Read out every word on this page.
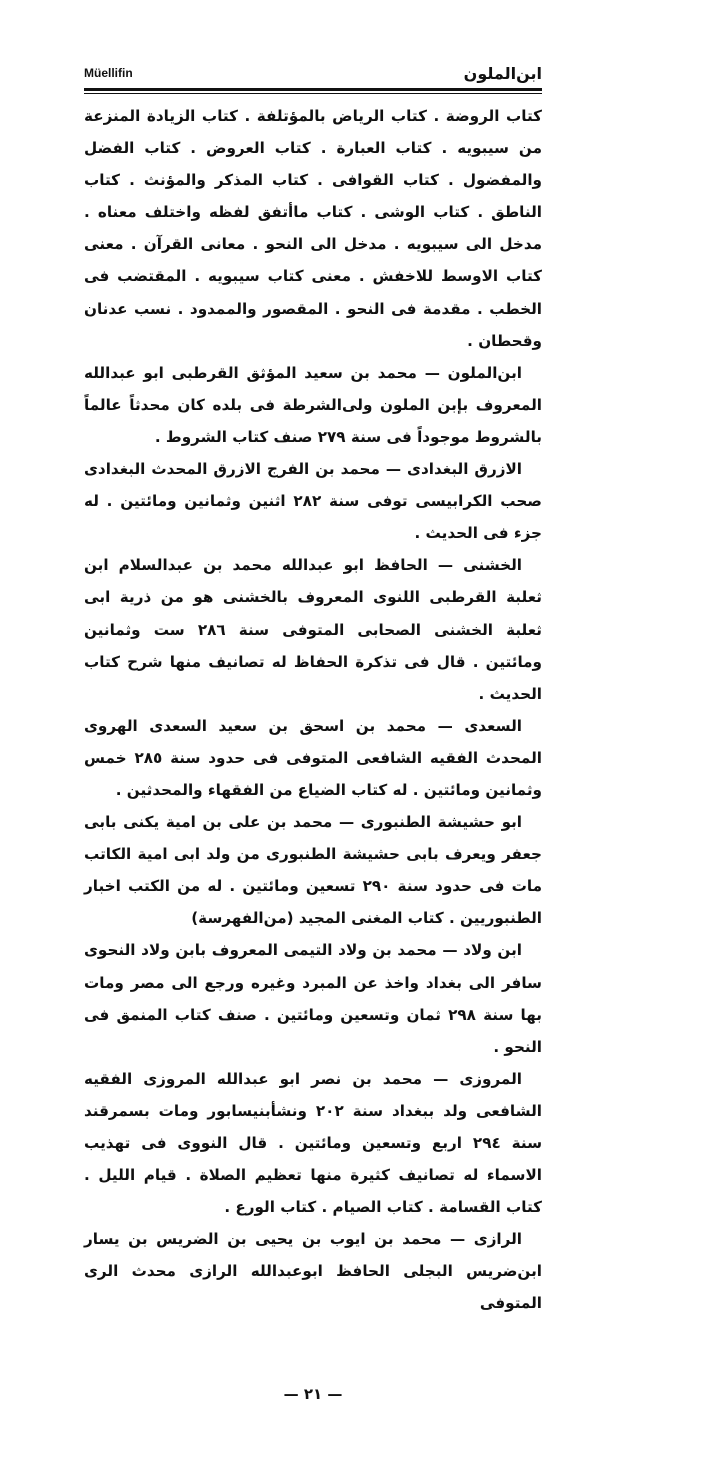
Müellifin	ابن‌الملون

كتاب الروضة . كتاب الرياض بالمؤتلفة . كتاب الزيادة المنزعة من سيبويه . كتاب العبارة . كتاب العروض . كتاب الفضل والمفضول . كتاب القوافى . كتاب المذكر والمؤنث . كتاب الناطق . كتاب الوشى . كتاب ماأتفق لفظه واختلف معناه . مدخل الى سيبويه . مدخل الى النحو . معانى القرآن . معنى كتاب الاوسط للاخفش . معنى كتاب سيبويه . المقتضب فى الخطب . مقدمة فى النحو . المقصور والممدود . نسب عدنان وقحطان .

ابن‌الملون — محمد بن سعيد المؤثق القرطبى ابو عبدالله المعروف بإبن الملون ولى‌الشرطة فى بلده كان محدثاً عالماً بالشروط موجوداً فى سنة ٢٧٩ صنف كتاب الشروط .

الازرق البغدادى — محمد بن الفرج الازرق المحدث البغدادى صحب الكرابيسى توفى سنة ٢٨٢ اثنين وثمانين ومائتين . له جزء فى الحديث .

الخشنى — الحافظ ابو عبدالله محمد بن عبدالسلام ابن ثعلبة القرطبى اللنوى المعروف بالخشنى هو من ذرية ابى ثعلبة الخشنى الصحابى المتوفى سنة ٢٨٦ ست وثمانين ومائتين . قال فى تذكرة الحفاظ له تصانيف منها شرح كتاب الحديث .

السعدى — محمد بن اسحق بن سعيد السعدى الهروى المحدث الفقيه الشافعى المتوفى فى حدود سنة ٢٨٥ خمس وثمانين ومائتين . له كتاب الضياع من الفقهاء والمحدثين .

ابو حشيشة الطنبورى — محمد بن على بن امية يكنى بابى جعفر ويعرف بابى حشيشة الطنبورى من ولد ابى امية الكاتب مات فى حدود سنة ٢٩٠ تسعين ومائتين . له من الكتب اخبار الطنبوريين . كتاب المغنى المجيد (من‌الفهرسة)

ابن ولاد — محمد بن ولاد التيمى المعروف بابن ولاد النحوى سافر الى بغداد واخذ عن المبرد وغيره ورجع الى مصر ومات بها سنة ٢٩٨ ثمان وتسعين ومائتين . صنف كتاب المنمق فى النحو .

المروزى — محمد بن نصر ابو عبدالله المروزى الفقيه الشافعى ولد ببغداد سنة ٢٠٢ ونشأبنيسابور ومات بسمرقند سنة ٢٩٤ اربع وتسعين ومائتين . قال النووى فى تهذيب الاسماء له تصانيف كثيرة منها تعظيم الصلاة . قيام الليل . كتاب القسامة . كتاب الصيام . كتاب الورع .

الرازى — محمد بن ايوب بن يحيى بن الضريس بن يسار ابن‌ضريس البجلى الحافظ ابوعبدالله الرازى محدث الرى المتوفى

— ٢١ —
